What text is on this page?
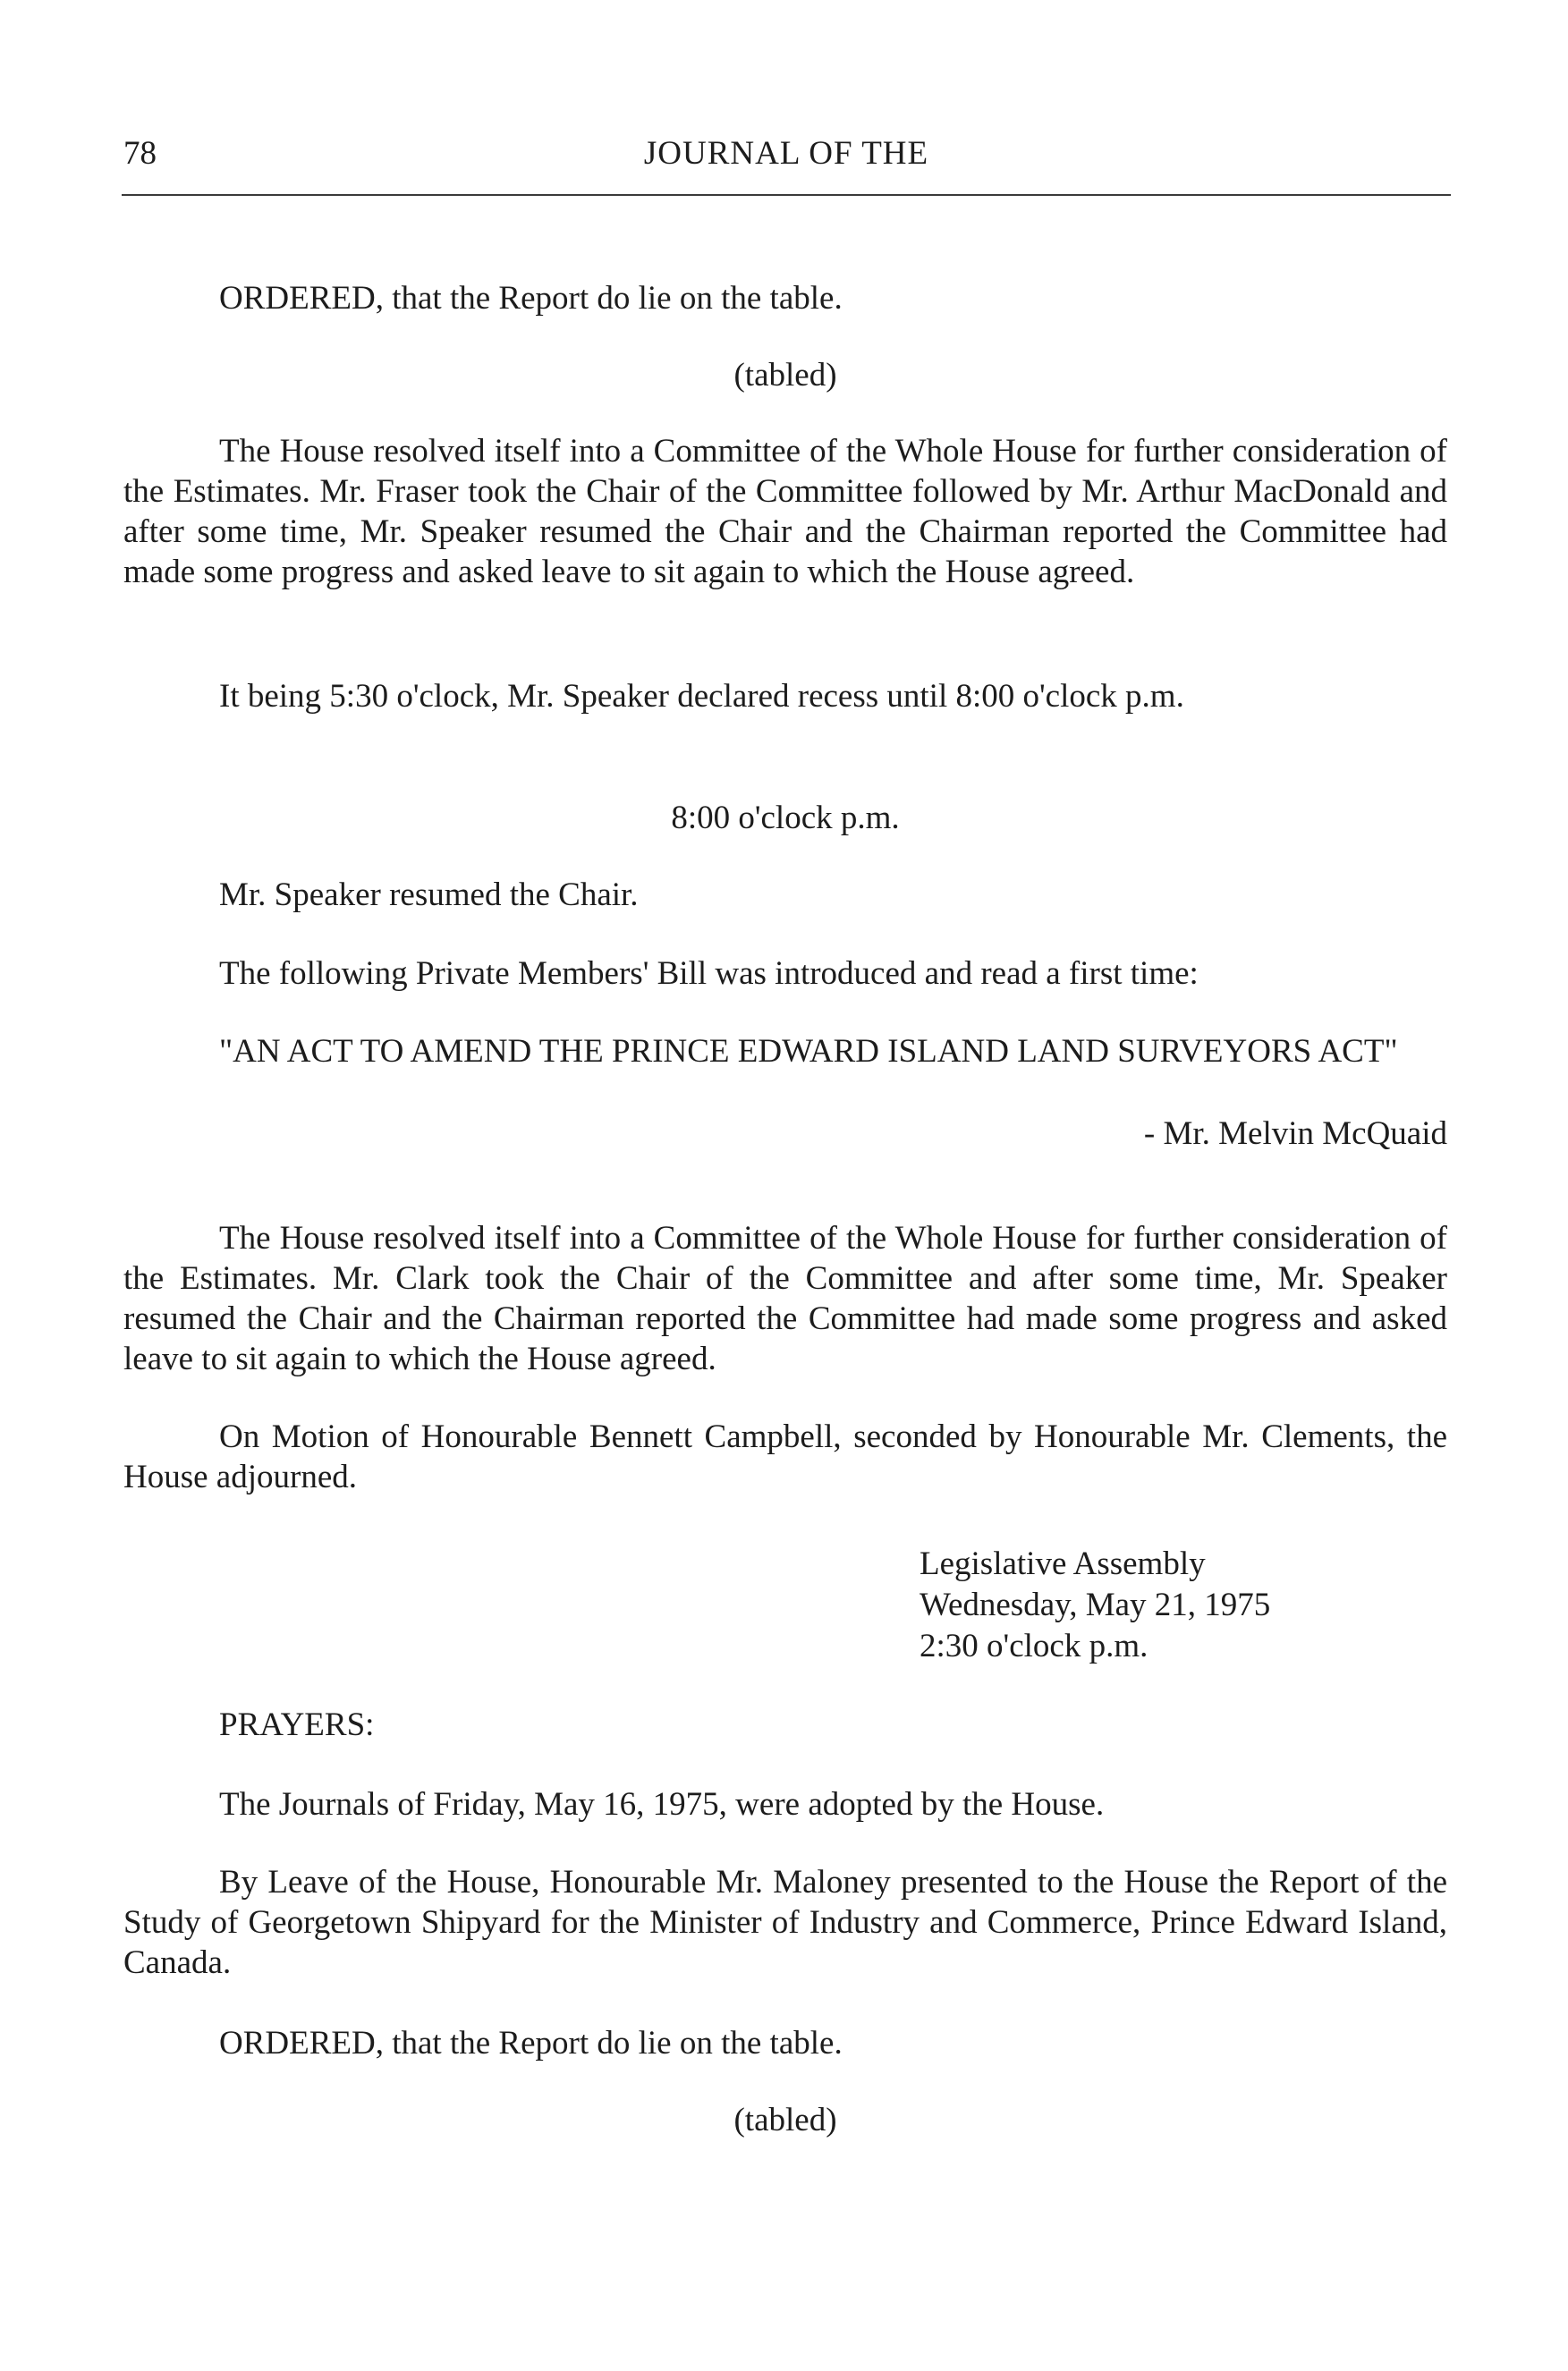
78	JOURNAL OF THE

ORDERED, that the Report do lie on the table.

(tabled)

The House resolved itself into a Committee of the Whole House for further consideration of the Estimates. Mr. Fraser took the Chair of the Committee followed by Mr. Arthur MacDonald and after some time, Mr. Speaker resumed the Chair and the Chairman reported the Committee had made some progress and asked leave to sit again to which the House agreed.

It being 5:30 o'clock, Mr. Speaker declared recess until 8:00 o'clock p.m.

8:00 o'clock p.m.

Mr. Speaker resumed the Chair.

The following Private Members' Bill was introduced and read a first time:

"AN ACT TO AMEND THE PRINCE EDWARD ISLAND LAND SURVEYORS ACT"

- Mr. Melvin McQuaid

The House resolved itself into a Committee of the Whole House for further consideration of the Estimates. Mr. Clark took the Chair of the Committee and after some time, Mr. Speaker resumed the Chair and the Chairman reported the Committee had made some progress and asked leave to sit again to which the House agreed.

On Motion of Honourable Bennett Campbell, seconded by Honourable Mr. Clements, the House adjourned.

Legislative Assembly
Wednesday, May 21, 1975
2:30 o'clock p.m.

PRAYERS:

The Journals of Friday, May 16, 1975, were adopted by the House.

By Leave of the House, Honourable Mr. Maloney presented to the House the Report of the Study of Georgetown Shipyard for the Minister of Industry and Commerce, Prince Edward Island, Canada.

ORDERED, that the Report do lie on the table.

(tabled)
